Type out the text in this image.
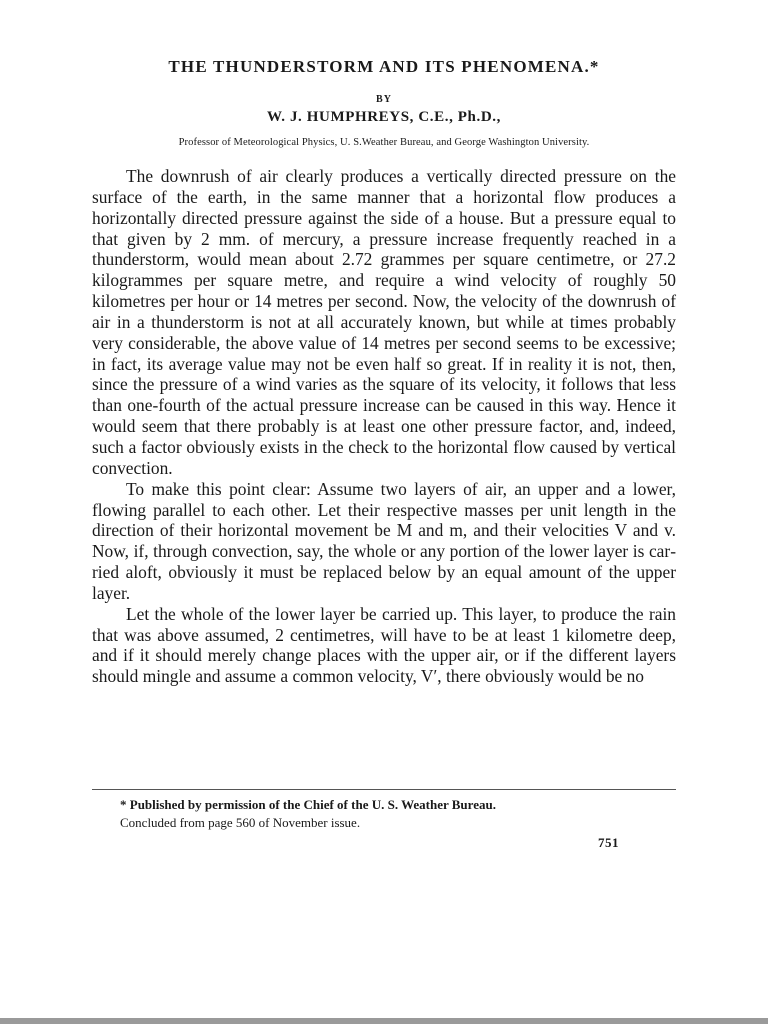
THE THUNDERSTORM AND ITS PHENOMENA.*
BY
W. J. HUMPHREYS, C.E., Ph.D.,
Professor of Meteorological Physics, U. S.Weather Bureau, and George Washington University.

The downrush of air clearly produces a vertically directed pressure on the surface of the earth, in the same manner that a horizontal flow produces a horizontally directed pressure against the side of a house. But a pressure equal to that given by 2 mm. of mercury, a pressure increase frequently reached in a thunderstorm, would mean about 2.72 grammes per square centimetre, or 27.2 kilogrammes per square metre, and require a wind velocity of roughly 50 kilometres per hour or 14 metres per second. Now, the velocity of the downrush of air in a thunderstorm is not at all accurately known, but while at times probably very considerable, the above value of 14 metres per second seems to be excessive; in fact, its average value may not be even half so great. If in reality it is not, then, since the pressure of a wind varies as the square of its velocity, it follows that less than one-fourth of the actual pressure increase can be caused in this way. Hence it would seem that there probably is at least one other pressure factor, and, indeed, such a factor obviously exists in the check to the horizontal flow caused by vertical convection.

To make this point clear: Assume two layers of air, an upper and a lower, flowing parallel to each other. Let their respective masses per unit length in the direction of their horizontal movement be M and m, and their velocities V and v. Now, if, through convection, say, the whole or any portion of the lower layer is carried aloft, obviously it must be replaced below by an equal amount of the upper layer.

Let the whole of the lower layer be carried up. This layer, to produce the rain that was above assumed, 2 centimetres, will have to be at least 1 kilometre deep, and if it should merely change places with the upper air, or if the different layers should mingle and assume a common velocity, V′, there obviously would be no

* Published by permission of the Chief of the U. S. Weather Bureau.
Concluded from page 560 of November issue.
751
